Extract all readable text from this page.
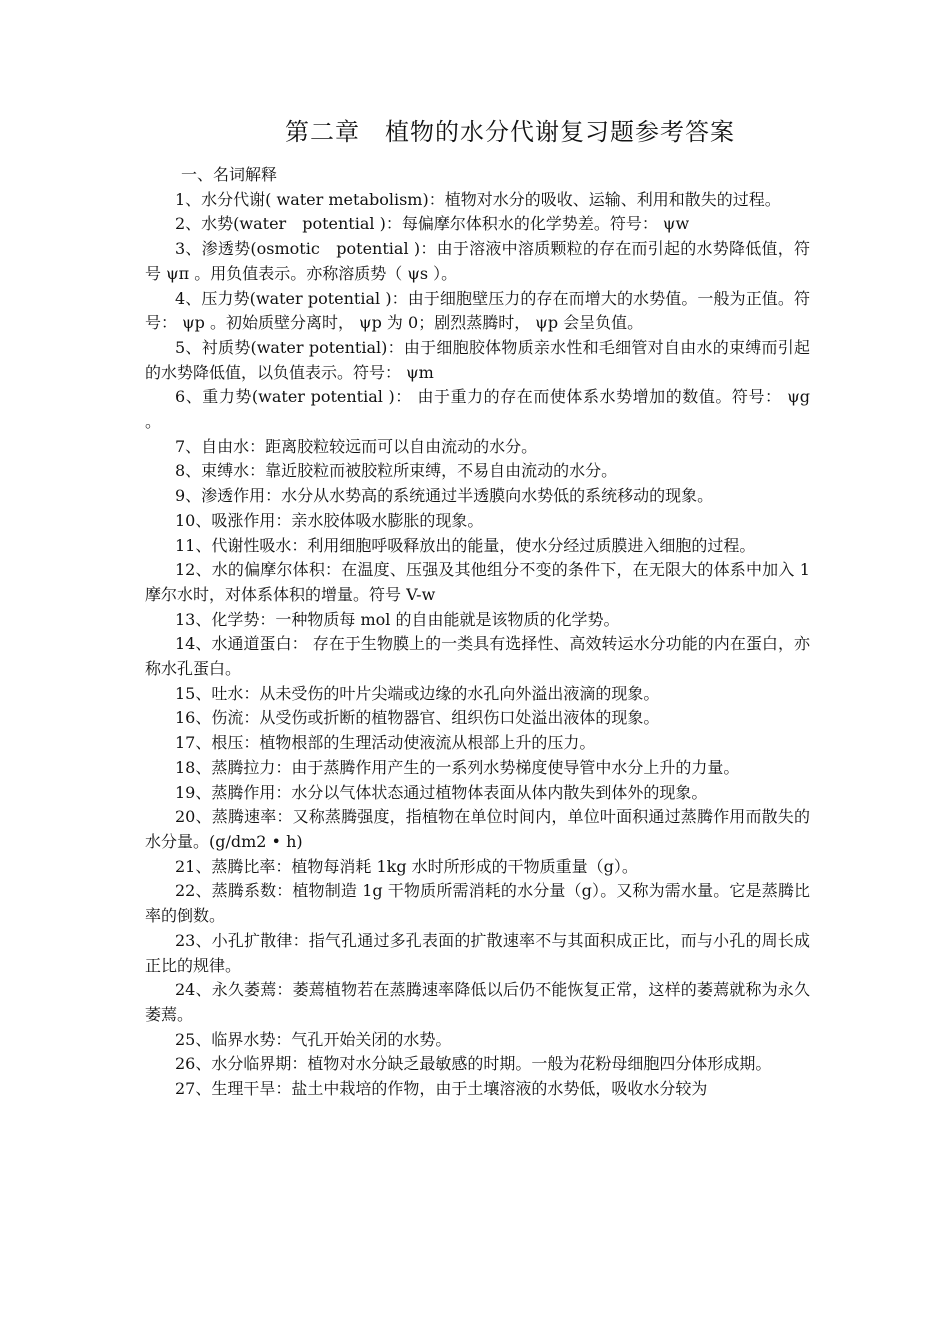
第二章　植物的水分代谢复习题参考答案

一、名词解释

1、水分代谢( water metabolism)：植物对水分的吸收、运输、利用和散失的过程。

2、水势(water　potential )：每偏摩尔体积水的化学势差。符号： ψw

3、渗透势(osmotic　potential )：由于溶液中溶质颗粒的存在而引起的水势降低值，符号 ψπ 。用负值表示。亦称溶质势（ ψs ）。

4、压力势(water potential )：由于细胞壁压力的存在而增大的水势值。一般为正值。符号： ψp 。初始质壁分离时， ψp 为 0；剧烈蒸腾时， ψp 会呈负值。

5、衬质势(water potential)：由于细胞胶体物质亲水性和毛细管对自由水的束缚而引起的水势降低值，以负值表示。符号： ψm

6、重力势(water potential )： 由于重力的存在而使体系水势增加的数值。符号： ψg 。

7、自由水：距离胶粒较远而可以自由流动的水分。

8、束缚水：靠近胶粒而被胶粒所束缚，不易自由流动的水分。

9、渗透作用：水分从水势高的系统通过半透膜向水势低的系统移动的现象。

10、吸涨作用：亲水胶体吸水膨胀的现象。

11、代谢性吸水：利用细胞呼吸释放出的能量，使水分经过质膜进入细胞的过程。

12、水的偏摩尔体积：在温度、压强及其他组分不变的条件下，在无限大的体系中加入 1 摩尔水时，对体系体积的增量。符号 V-w

13、化学势：一种物质每 mol 的自由能就是该物质的化学势。

14、水通道蛋白： 存在于生物膜上的一类具有选择性、高效转运水分功能的内在蛋白，亦称水孔蛋白。

15、吐水：从未受伤的叶片尖端或边缘的水孔向外溢出液滴的现象。

16、伤流：从受伤或折断的植物器官、组织伤口处溢出液体的现象。

17、根压：植物根部的生理活动使液流从根部上升的压力。

18、蒸腾拉力：由于蒸腾作用产生的一系列水势梯度使导管中水分上升的力量。

19、蒸腾作用：水分以气体状态通过植物体表面从体内散失到体外的现象。

20、蒸腾速率：又称蒸腾强度，指植物在单位时间内，单位叶面积通过蒸腾作用而散失的水分量。(g/dm2 • h)

21、蒸腾比率：植物每消耗 1kg 水时所形成的干物质重量（g）。

22、蒸腾系数：植物制造 1g 干物质所需消耗的水分量（g）。又称为需水量。它是蒸腾比率的倒数。

23、小孔扩散律：指气孔通过多孔表面的扩散速率不与其面积成正比，而与小孔的周长成正比的规律。

24、永久萎蔫：萎蔫植物若在蒸腾速率降低以后仍不能恢复正常，这样的萎蔫就称为永久萎蔫。

25、临界水势：气孔开始关闭的水势。

26、水分临界期：植物对水分缺乏最敏感的时期。一般为花粉母细胞四分体形成期。

27、生理干旱：盐土中栽培的作物，由于土壤溶液的水势低，吸收水分较为
